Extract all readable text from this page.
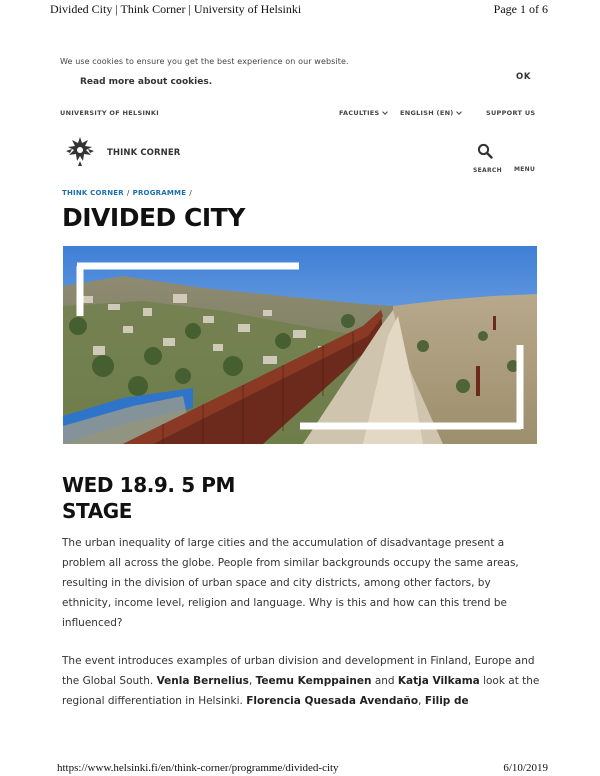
Divided City | Think Corner | University of Helsinki	Page 1 of 6
We use cookies to ensure you get the best experience on our website.
Read more about cookies.	OK
UNIVERSITY OF HELSINKI	FACULTIES	ENGLISH (EN)	SUPPORT US
THINK CORNER
SEARCH MENU
THINK CORNER / PROGRAMME /
DIVIDED CITY
WED 18.9. 5 PM
STAGE

The urban inequality of large cities and the accumulation of disadvantage present a problem all across the globe. People from similar backgrounds occupy the same areas, resulting in the division of urban space and city districts, among other factors, by ethnicity, income level, religion and language. Why is this and how can this trend be influenced?

The event introduces examples of urban division and development in Finland, Europe and the Global South. Venla Bernelius, Teemu Kemppainen and Katja Vilkama look at the regional differentiation in Helsinki. Florencia Quesada Avendaño, Filip de

https://www.helsinki.fi/en/think-corner/programme/divided-city	6/10/2019
